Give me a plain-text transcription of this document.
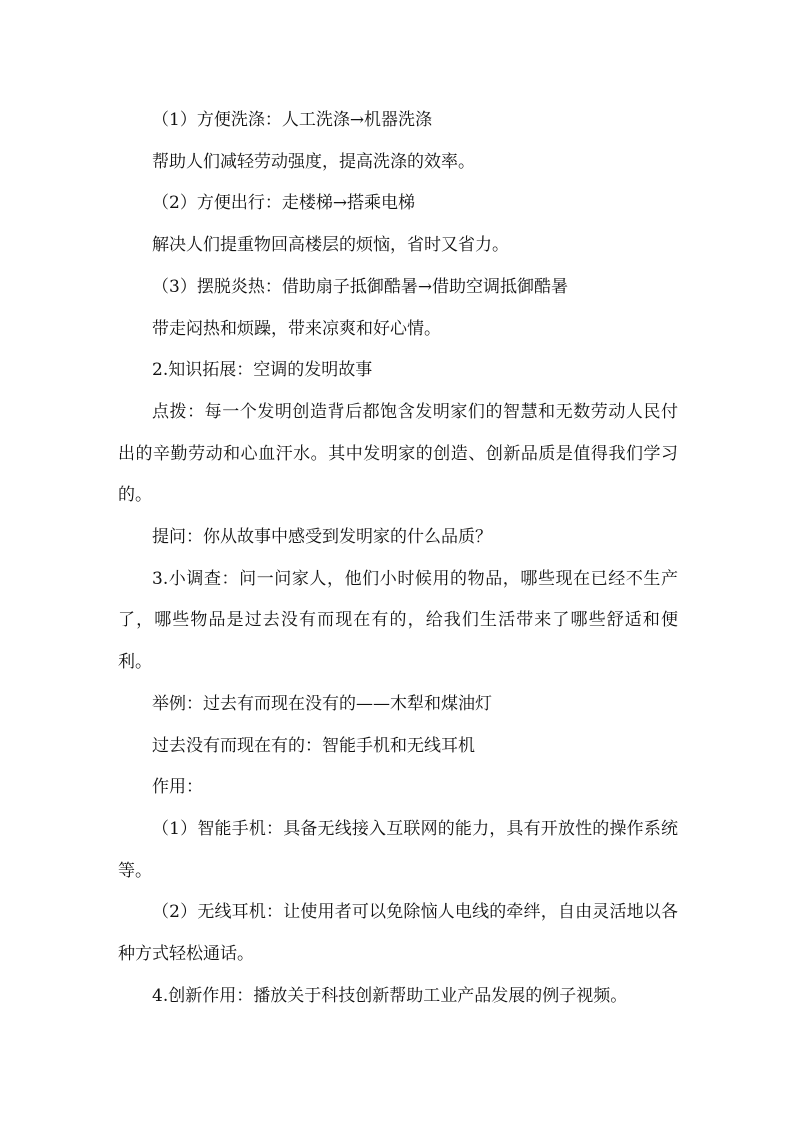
（1）方便洗涤：人工洗涤→机器洗涤

帮助人们减轻劳动强度，提高洗涤的效率。

（2）方便出行：走楼梯→搭乘电梯

解决人们提重物回高楼层的烦恼，省时又省力。

（3）摆脱炎热：借助扇子抵御酷暑→借助空调抵御酷暑

带走闷热和烦躁，带来凉爽和好心情。

2.知识拓展：空调的发明故事

点拨：每一个发明创造背后都饱含发明家们的智慧和无数劳动人民付出的辛勤劳动和心血汗水。其中发明家的创造、创新品质是值得我们学习的。

提问：你从故事中感受到发明家的什么品质？

3.小调查：问一问家人，他们小时候用的物品，哪些现在已经不生产了，哪些物品是过去没有而现在有的，给我们生活带来了哪些舒适和便利。

举例：过去有而现在没有的——木犁和煤油灯

过去没有而现在有的：智能手机和无线耳机

作用：

（1）智能手机：具备无线接入互联网的能力，具有开放性的操作系统等。

（2）无线耳机：让使用者可以免除恼人电线的牵绊，自由灵活地以各种方式轻松通话。

4.创新作用：播放关于科技创新帮助工业产品发展的例子视频。
